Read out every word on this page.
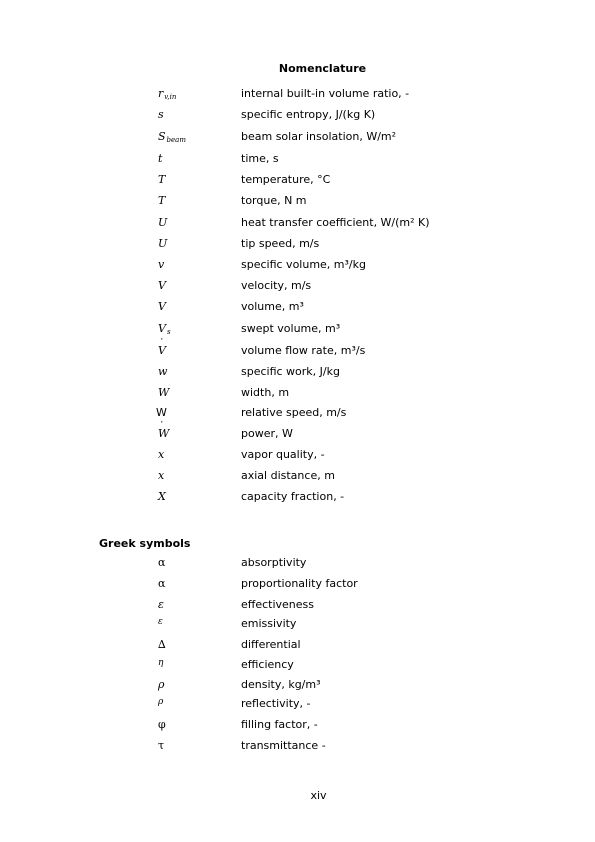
Nomenclature
$r_{v,in}$	internal built-in volume ratio, -
s	specific entropy, J/(kg K)
$S_{beam}$	beam solar insolation, W/m²
t	time, s
T	temperature, °C
T	torque, N m
U	heat transfer coefficient, W/(m² K)
U	tip speed, m/s
v	specific volume, m³/kg
V	velocity, m/s
V	volume, m³
$V_s$	swept volume, m³
˙ V	volume flow rate, m³/s
w	specific work, J/kg
W	width, m
W	relative speed, m/s
˙ W	power, W
x	vapor quality, -
x	axial distance, m
X	capacity fraction, -
Greek symbols
α	absorptivity
α	proportionality factor
ε	effectiveness
ε	emissivity
∆	differential
η	efficiency
ρ	density, kg/m³
ρ	reflectivity, -
φ	filling factor, -
τ	transmittance -
xiv
